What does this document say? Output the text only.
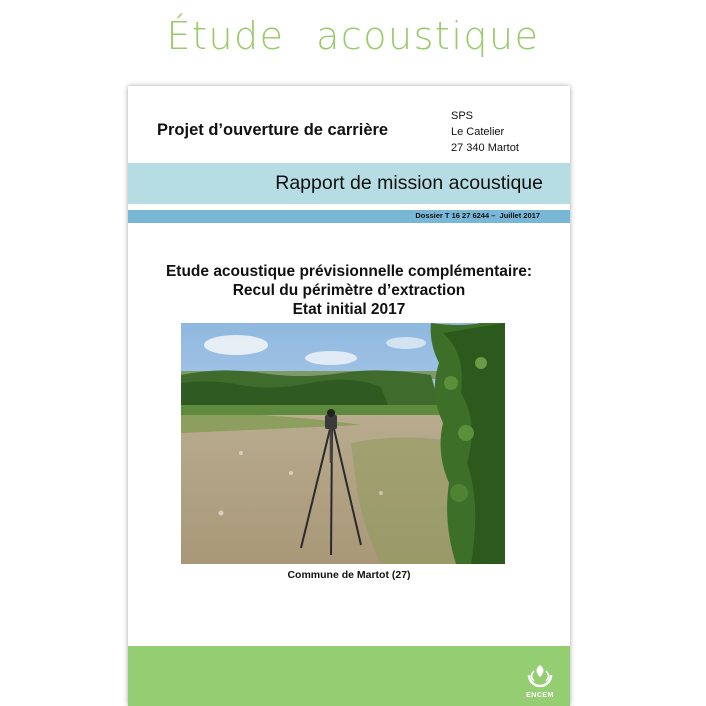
Étude acoustique
Projet d’ouverture de carrière
SPS
Le Catelier
27 340 Martot
Rapport de mission acoustique
Dossier T 16 27 6244 –  Juillet 2017
Etude acoustique prévisionnelle complémentaire:
Recul du périmètre d’extraction
Etat initial 2017
Commune de Martot (27)
ENCEM
